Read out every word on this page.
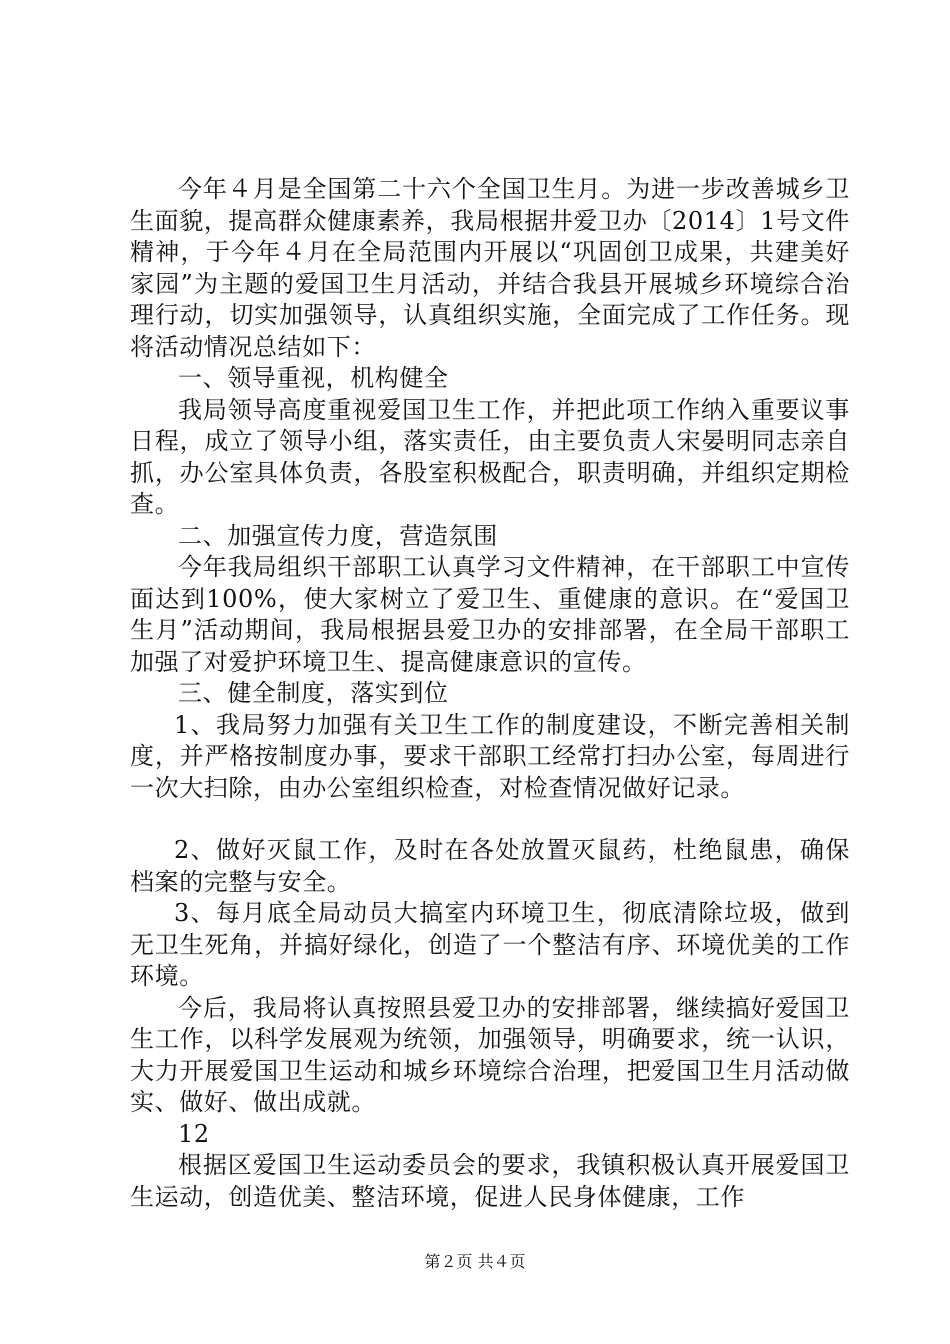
今年４月是全国第二十六个全国卫生月。为进一步改善城乡卫生面貌，提高群众健康素养，我局根据井爱卫办〔2014〕1号文件精神，于今年４月在全局范围内开展以“巩固创卫成果，共建美好家园”为主题的爱国卫生月活动，并结合我县开展城乡环境综合治理行动，切实加强领导，认真组织实施，全面完成了工作任务。现将活动情况总结如下：

一、领导重视，机构健全

我局领导高度重视爱国卫生工作，并把此项工作纳入重要议事日程，成立了领导小组，落实责任，由主要负责人宋晏明同志亲自抓，办公室具体负责，各股室积极配合，职责明确，并组织定期检查。

二、加强宣传力度，营造氛围

今年我局组织干部职工认真学习文件精神，在干部职工中宣传面达到100%，使大家树立了爱卫生、重健康的意识。在“爱国卫生月”活动期间，我局根据县爱卫办的安排部署，在全局干部职工加强了对爱护环境卫生、提高健康意识的宣传。

三、健全制度，落实到位

1、我局努力加强有关卫生工作的制度建设，不断完善相关制度，并严格按制度办事，要求干部职工经常打扫办公室，每周进行一次大扫除，由办公室组织检查，对检查情况做好记录。

2、做好灭鼠工作，及时在各处放置灭鼠药，杜绝鼠患，确保档案的完整与安全。

3、每月底全局动员大搞室内环境卫生，彻底清除垃圾，做到无卫生死角，并搞好绿化，创造了一个整洁有序、环境优美的工作环境。

今后，我局将认真按照县爱卫办的安排部署，继续搞好爱国卫生工作，以科学发展观为统领，加强领导，明确要求，统一认识，大力开展爱国卫生运动和城乡环境综合治理，把爱国卫生月活动做实、做好、做出成就。

12

根据区爱国卫生运动委员会的要求，我镇积极认真开展爱国卫生运动，创造优美、整洁环境，促进人民身体健康，工作

第２页 共４页
